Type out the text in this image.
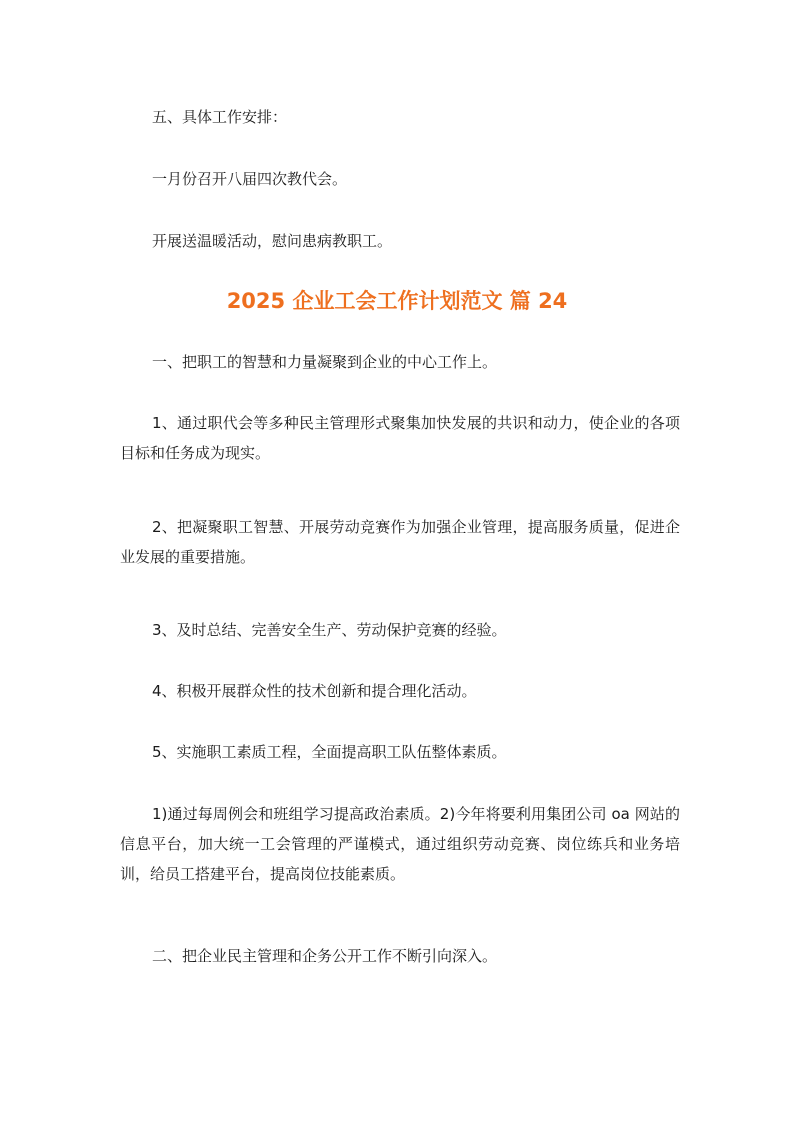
五、具体工作安排：

一月份召开八届四次教代会。

开展送温暖活动，慰问患病教职工。

2025 企业工会工作计划范文 篇 24

一、把职工的智慧和力量凝聚到企业的中心工作上。

1、通过职代会等多种民主管理形式聚集加快发展的共识和动力，使企业的各项目标和任务成为现实。

2、把凝聚职工智慧、开展劳动竞赛作为加强企业管理，提高服务质量，促进企业发展的重要措施。

3、及时总结、完善安全生产、劳动保护竞赛的经验。

4、积极开展群众性的技术创新和提合理化活动。

5、实施职工素质工程，全面提高职工队伍整体素质。

1)通过每周例会和班组学习提高政治素质。2)今年将要利用集团公司 oa 网站的信息平台，加大统一工会管理的严谨模式，通过组织劳动竞赛、岗位练兵和业务培训，给员工搭建平台，提高岗位技能素质。

二、把企业民主管理和企务公开工作不断引向深入。
